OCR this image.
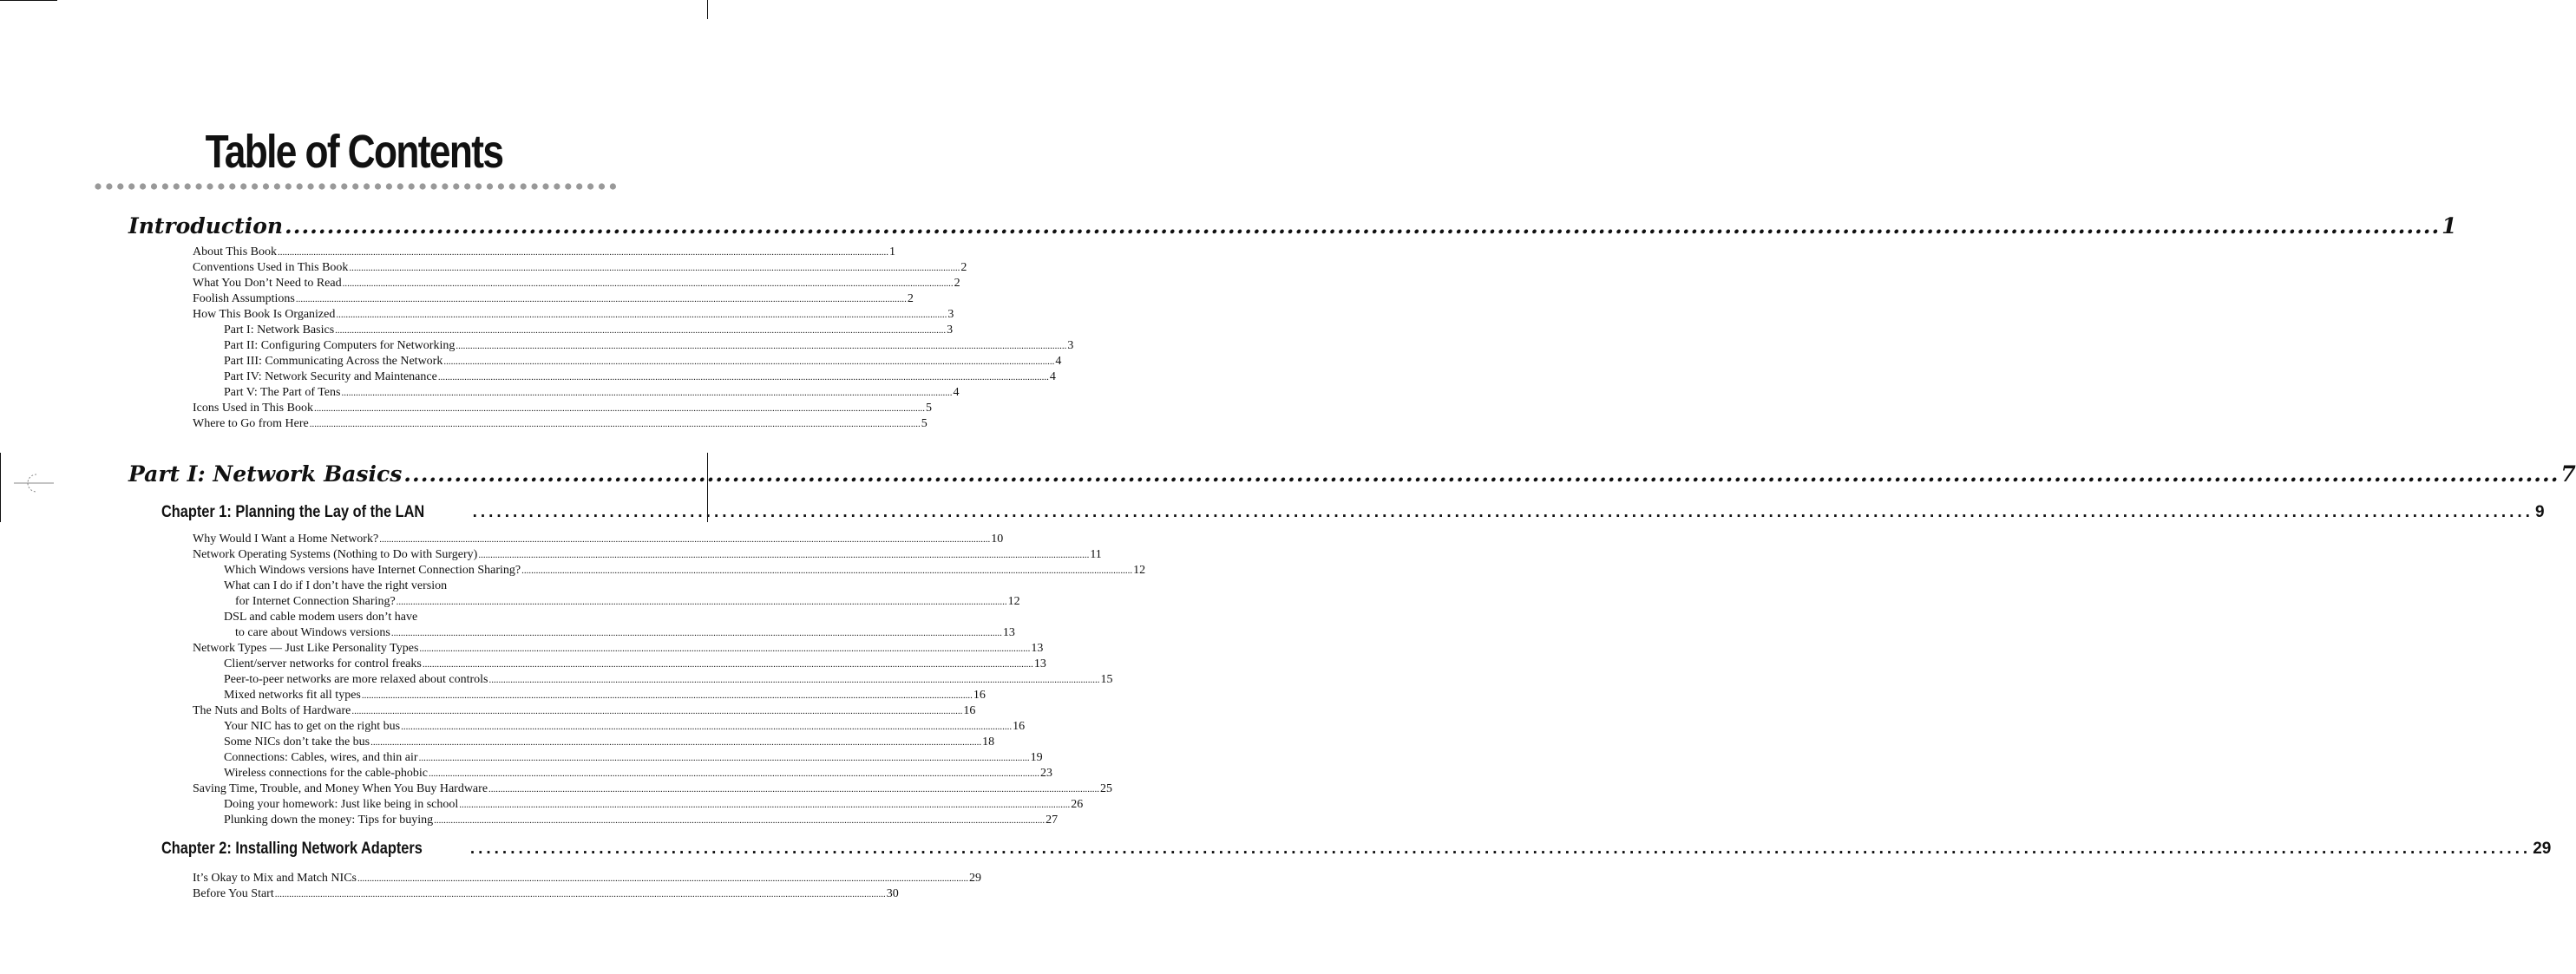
Table of Contents
Introduction ................................................................................................................................................................................................................................................................ 1
About This Book ................................................................................................................................................................................................................................................................ 1
Conventions Used in This Book ................................................................................................................................................................................................................................................................ 2
What You Don’t Need to Read ................................................................................................................................................................................................................................................................ 2
Foolish Assumptions ................................................................................................................................................................................................................................................................ 2
How This Book Is Organized ................................................................................................................................................................................................................................................................ 3
Part I: Network Basics ................................................................................................................................................................................................................................................................ 3
Part II: Configuring Computers for Networking ................................................................................................................................................................................................................................................................ 3
Part III: Communicating Across the Network ................................................................................................................................................................................................................................................................ 4
Part IV: Network Security and Maintenance ................................................................................................................................................................................................................................................................ 4
Part V: The Part of Tens ................................................................................................................................................................................................................................................................ 4
Icons Used in This Book ................................................................................................................................................................................................................................................................ 5
Where to Go from Here ................................................................................................................................................................................................................................................................ 5
Part I: Network Basics ................................................................................................................................................................................................................................................................ 7
Chapter 1: Planning the Lay of the LAN	................................................................................................................................................................................................................................................................ 9
Why Would I Want a Home Network? ................................................................................................................................................................................................................................................................ 10
Network Operating Systems (Nothing to Do with Surgery) ................................................................................................................................................................................................................................................................ 11
Which Windows versions have Internet Connection Sharing? ................................................................................................................................................................................................................................................................ 12
What can I do if I don’t have the right version
for Internet Connection Sharing? ................................................................................................................................................................................................................................................................ 12
DSL and cable modem users don’t have
to care about Windows versions ................................................................................................................................................................................................................................................................ 13
Network Types — Just Like Personality Types ................................................................................................................................................................................................................................................................ 13
Client/server networks for control freaks ................................................................................................................................................................................................................................................................ 13
Peer-to-peer networks are more relaxed about controls ................................................................................................................................................................................................................................................................ 15
Mixed networks fit all types ................................................................................................................................................................................................................................................................ 16
The Nuts and Bolts of Hardware ................................................................................................................................................................................................................................................................ 16
Your NIC has to get on the right bus ................................................................................................................................................................................................................................................................ 16
Some NICs don’t take the bus ................................................................................................................................................................................................................................................................ 18
Connections: Cables, wires, and thin air ................................................................................................................................................................................................................................................................ 19
Wireless connections for the cable-phobic ................................................................................................................................................................................................................................................................ 23
Saving Time, Trouble, and Money When You Buy Hardware ................................................................................................................................................................................................................................................................ 25
Doing your homework: Just like being in school ................................................................................................................................................................................................................................................................ 26
Plunking down the money: Tips for buying ................................................................................................................................................................................................................................................................ 27
Chapter 2: Installing Network Adapters	................................................................................................................................................................................................................................................................ 29
It’s Okay to Mix and Match NICs ................................................................................................................................................................................................................................................................ 29
Before You Start ................................................................................................................................................................................................................................................................ 30
